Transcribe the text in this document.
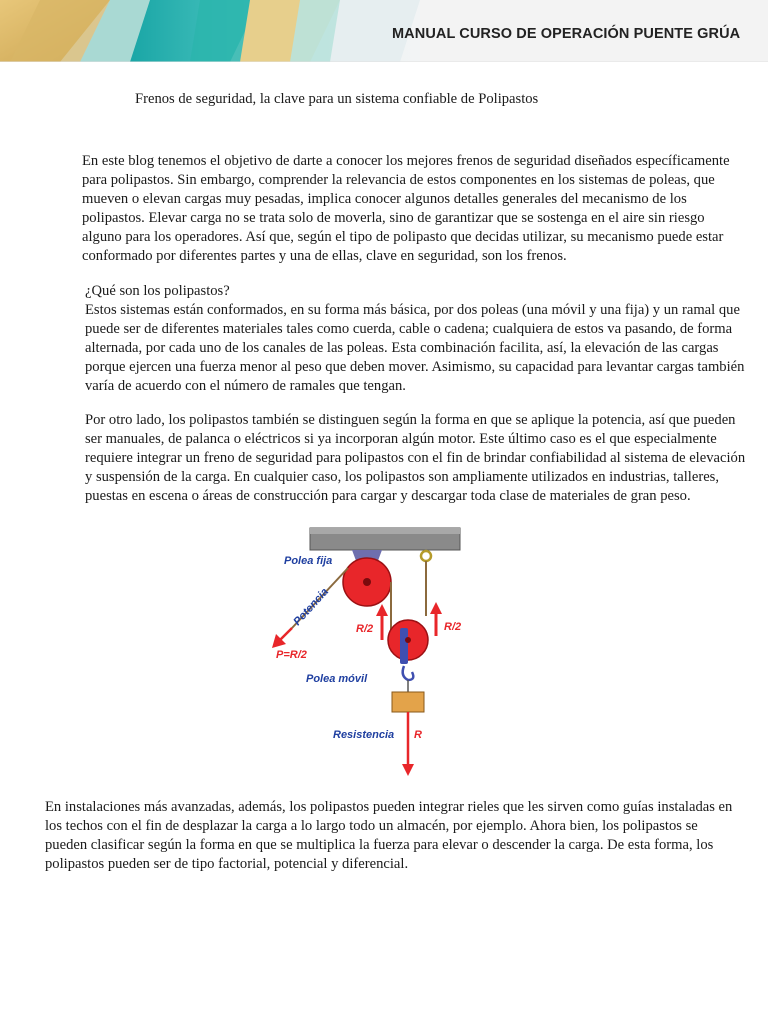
MANUAL CURSO DE OPERACIÓN PUENTE GRÚA
Frenos de seguridad, la clave para un sistema confiable de Polipastos

En este blog tenemos el objetivo de darte a conocer los mejores frenos de seguridad diseñados específicamente para polipastos. Sin embargo, comprender la relevancia de estos componentes en los sistemas de poleas, que mueven o elevan cargas muy pesadas, implica conocer algunos detalles generales del mecanismo de los polipastos. Elevar carga no se trata solo de moverla, sino de garantizar que se sostenga en el aire sin riesgo alguno para los operadores. Así que, según el tipo de polipasto que decidas utilizar, su mecanismo puede estar conformado por diferentes partes y una de ellas, clave en seguridad, son los frenos.

¿Qué son los polipastos?

Estos sistemas están conformados, en su forma más básica, por dos poleas (una móvil y una fija) y un ramal que puede ser de diferentes materiales tales como cuerda, cable o cadena; cualquiera de estos va pasando, de forma alternada, por cada uno de los canales de las poleas. Esta combinación facilita, así, la elevación de las cargas porque ejercen una fuerza menor al peso que deben mover. Asimismo, su capacidad para levantar cargas también varía de acuerdo con el número de ramales que tengan.

Por otro lado, los polipastos también se distinguen según la forma en que se aplique la potencia, así que pueden ser manuales, de palanca o eléctricos si ya incorporan algún motor. Este último caso es el que especialmente requiere integrar un freno de seguridad para polipastos con el fin de brindar confiabilidad al sistema de elevación y suspensión de la carga. En cualquier caso, los polipastos son ampliamente utilizados en industrias, talleres, puestas en escena o áreas de construcción para cargar y descargar toda clase de materiales de gran peso.

Polea fija
Potencia
P=R/2
R/2	R/2
Polea móvil
Resistencia R

En instalaciones más avanzadas, además, los polipastos pueden integrar rieles que les sirven como guías instaladas en los techos con el fin de desplazar la carga a lo largo todo un almacén, por ejemplo. Ahora bien, los polipastos se pueden clasificar según la forma en que se multiplica la fuerza para elevar o descender la carga. De esta forma, los polipastos pueden ser de tipo factorial, potencial y diferencial.
